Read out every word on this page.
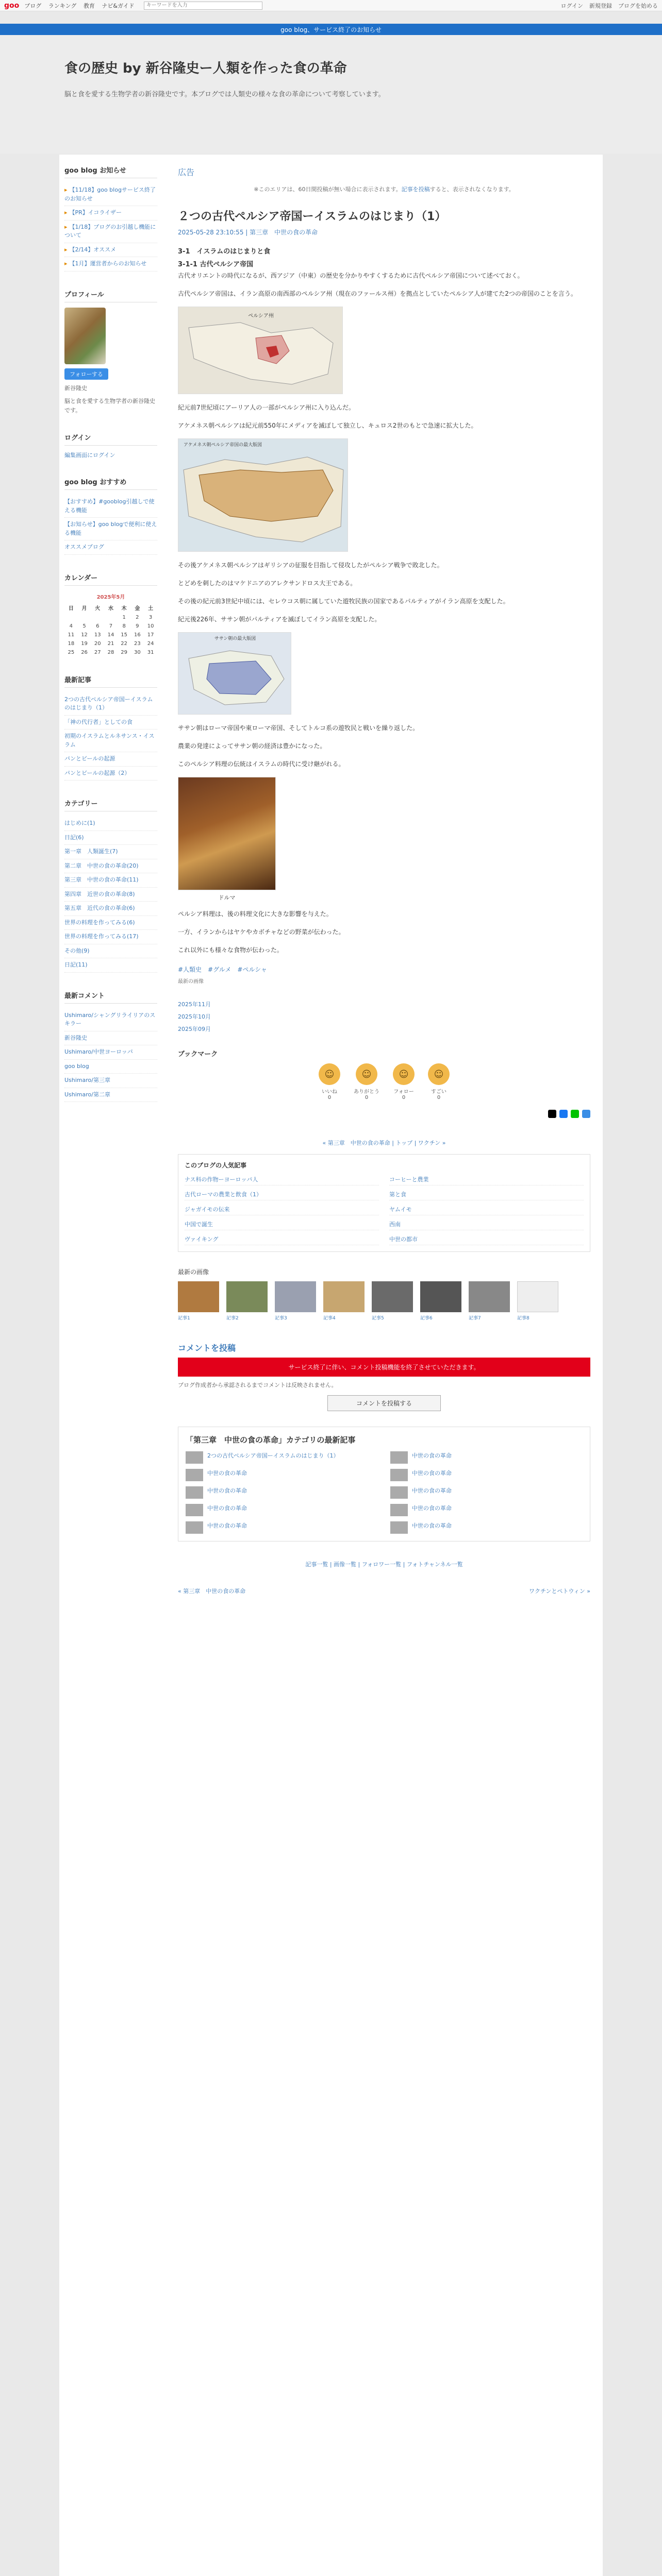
goo ブログ ランキング 教育 ナビ&ガイド
キーワードを入力	ログイン 新規登録 ブログを始める
goo blog、サービス終了のお知らせ
食の歴史 by 新谷隆史ー人類を作った食の革命
脳と食を愛する生物学者の新谷隆史です。本ブログでは人類史の様々な食の革命について考察しています。
goo blog お知らせ
▸ 【11/18】goo blogサービス終了のお知らせ
▸ 【PR】イコライザー
▸ 【1/18】ブログのお引越し機能について
▸ 【2/14】オススメ
▸ 【1月】運営者からのお知らせ
プロフィール
フォローする
新谷隆史
脳と食を愛する生物学者の新谷隆史です。
ログイン
編集画面にログイン
goo blog おすすめ
【おすすめ】#gooblog引越しで使える機能
【お知らせ】goo blogで便利に使える機能
オススメブログ
カレンダー
2025年5月						
日	月	火	水	木	金	土
				1	2	3
4	5	6	7	8	9	10
11	12	13	14	15	16	17
18	19	20	21	22	23	24
25	26	27	28	29	30	31
最新記事
2つの古代ペルシア帝国ーイスラムのはじまり（1）
「神の代行者」としての食
初期のイスラムとルネサンス・イスラム
パンとビールの起源
パンとビールの起源（2）
カテゴリー
はじめに(1)
日記(6)
第一章　人類誕生(7)
第二章　中世の食の革命(20)
第三章　中世の食の革命(11)
第四章　近世の食の革命(8)
第五章　近代の食の革命(6)
世界の料理を作ってみる(6)
世界の料理を作ってみる(17)
その他(9)
日記(11)
最新コメント
Ushimaro/シャングリライリアのスキラー
新谷隆史
Ushimaro/中世ヨーロッパ
goo blog
Ushimaro/第三章
Ushimaro/第二章
広告
※このエリアは、60日間投稿が無い場合に表示されます。記事を投稿すると、表示されなくなります。
２つの古代ペルシア帝国ーイスラムのはじまり（1）
2025-05-28 23:10:55 | 第三章　中世の食の革命
3-1　イスラムのはじまりと食
3-1-1 古代ペルシア帝国

古代オリエントの時代になるが、西アジア（中東）の歴史を分かりやすくするために古代ペルシア帝国について述べておく。

古代ペルシア帝国は、イラン高原の南西部のペルシア州（現在のファールス州）を拠点としていたペルシア人が建てた2つの帝国のことを言う。

ペルシア州

紀元前7世紀頃にアーリア人の一部がペルシア州に入り込んだ。

アケメネス朝ペルシアは紀元前550年にメディアを滅ぼして独立し、キュロス2世のもとで急速に拡大した。

アケメネス朝ペルシア帝国の最大版図

その後アケメネス朝ペルシアはギリシアの征服を目指して侵攻したがペルシア戦争で敗北した。

とどめを刺したのはマケドニアのアレクサンドロス大王である。

その後の紀元前3世紀中頃には、セレウコス朝に属していた遊牧民族の国家であるパルティアがイラン高原を支配した。

紀元後226年、ササン朝がパルティアを滅ぼしてイラン高原を支配した。

ササン朝の最大版図

ササン朝はローマ帝国や東ローマ帝国、そしてトルコ系の遊牧民と戦いを繰り返した。

農業の発達によってササン朝の経済は豊かになった。

このペルシア料理の伝統はイスラムの時代に受け継がれる。

ドルマ

ペルシア料理は、後の料理文化に大きな影響を与えた。

一方、イランからはヤケやカボチャなどの野菜が伝わった。

これ以外にも様々な食物が伝わった。

#人類史　#グルメ　#ペルシャ
最新の画像
2025年11月
2025年10月
2025年09月
ブックマーク
☺
いいね
0
☺
ありがとう
0
☺
フォロー
0
☺
すごい
0
« 第三章　中世の食の革命 | トップ | ワクチン »
このブログの人気記事
ナス科の作物ーヨーロッパ人	コーヒーと農業
古代ローマの農業と飲食（1）	第と食
ジャガイモの伝来	ヤムイモ
中国で誕生	西南
ヴァイキング	中世の都市
最新の画像
記事1	記事2	記事3	記事4	記事5	記事6	記事7	記事8
コメントを投稿
サービス終了に伴い、コメント投稿機能を終了させていただきます。
ブログ作成者から承認されるまでコメントは反映されません。
コメントを投稿する
「第三章　中世の食の革命」カテゴリの最新記事
2つの古代ペルシア帝国ーイスラムのはじまり（1）	中世の食の革命
中世の食の革命	中世の食の革命
中世の食の革命	中世の食の革命
中世の食の革命	中世の食の革命
中世の食の革命	中世の食の革命
記事一覧 | 画像一覧 | フォロワー一覧 | フォトチャンネル一覧
« 第三章　中世の食の革命	ワクチンとペトウィン »
